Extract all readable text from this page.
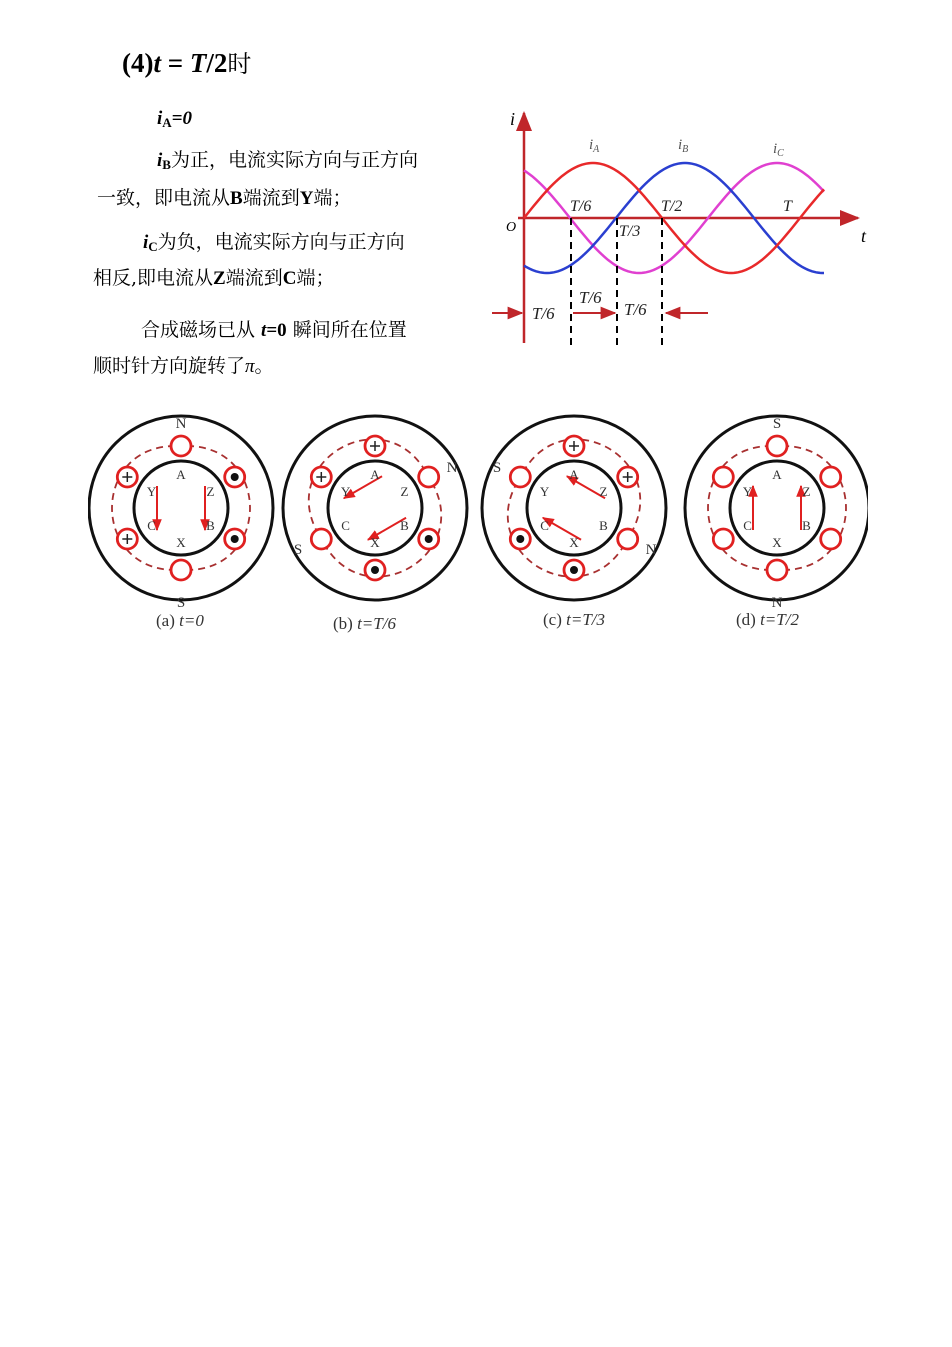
(4)t = T/2时
$i_A=0$
$i_B$为正，电流实际方向与正方向
一致，即电流从B端流到Y端；
$i_C$为负，电流实际方向与正方向
相反,即电流从Z端流到C端；
合成磁场已从 t=0 瞬间所在位置
顺时针方向旋转了π。
i
t
O
$i_A$	$i_B$	$i_C$
T/6
T/3
T/2	T
T/6
T/6
T/6
A
Z
B
X
C
Y
N
S
A
Z
B
X
C
Y
N
S
A
Z
B
X
C
Y
S
N
A
Z
B
X
C
Y
S
N
(a) t=0	(b) t=T/6	(c) t=T/3	(d) t=T/2
